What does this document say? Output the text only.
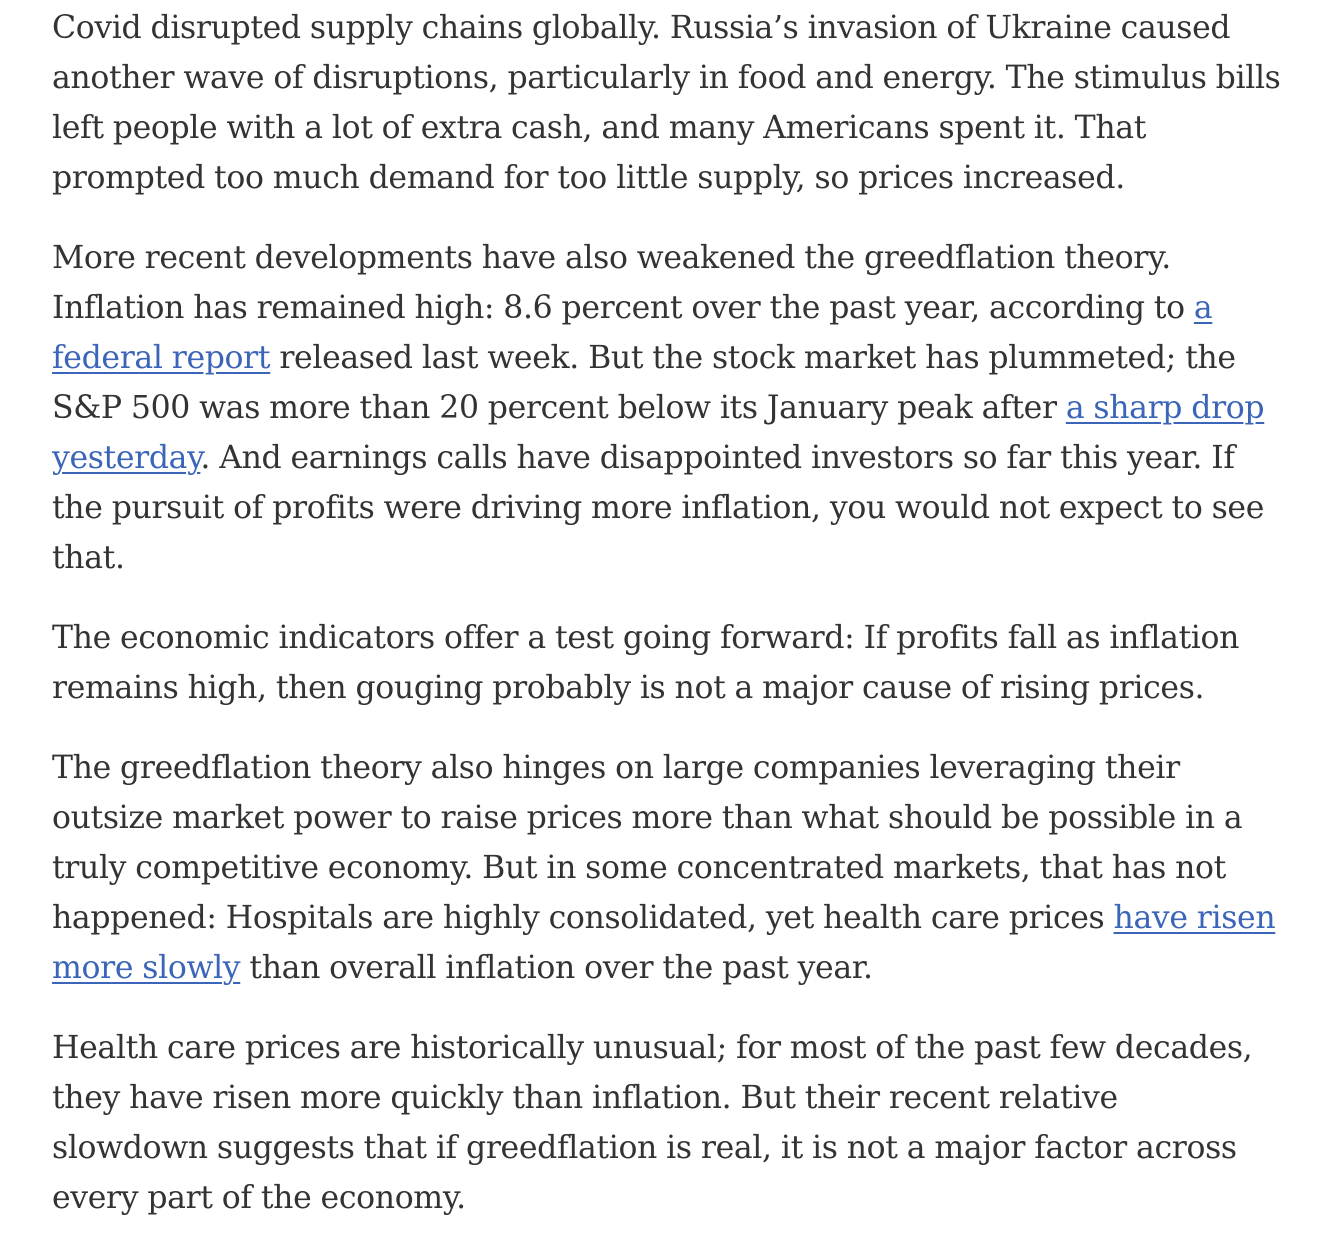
Covid disrupted supply chains globally. Russia’s invasion of Ukraine caused another wave of disruptions, particularly in food and energy. The stimulus bills left people with a lot of extra cash, and many Americans spent it. That prompted too much demand for too little supply, so prices increased.

More recent developments have also weakened the greedflation theory. Inflation has remained high: 8.6 percent over the past year, according to a federal report released last week. But the stock market has plummeted; the S&P 500 was more than 20 percent below its January peak after a sharp drop yesterday. And earnings calls have disappointed investors so far this year. If the pursuit of profits were driving more inflation, you would not expect to see that.

The economic indicators offer a test going forward: If profits fall as inflation remains high, then gouging probably is not a major cause of rising prices.

The greedflation theory also hinges on large companies leveraging their outsize market power to raise prices more than what should be possible in a truly competitive economy. But in some concentrated markets, that has not happened: Hospitals are highly consolidated, yet health care prices have risen more slowly than overall inflation over the past year.

Health care prices are historically unusual; for most of the past few decades, they have risen more quickly than inflation. But their recent relative slowdown suggests that if greedflation is real, it is not a major factor across every part of the economy.
